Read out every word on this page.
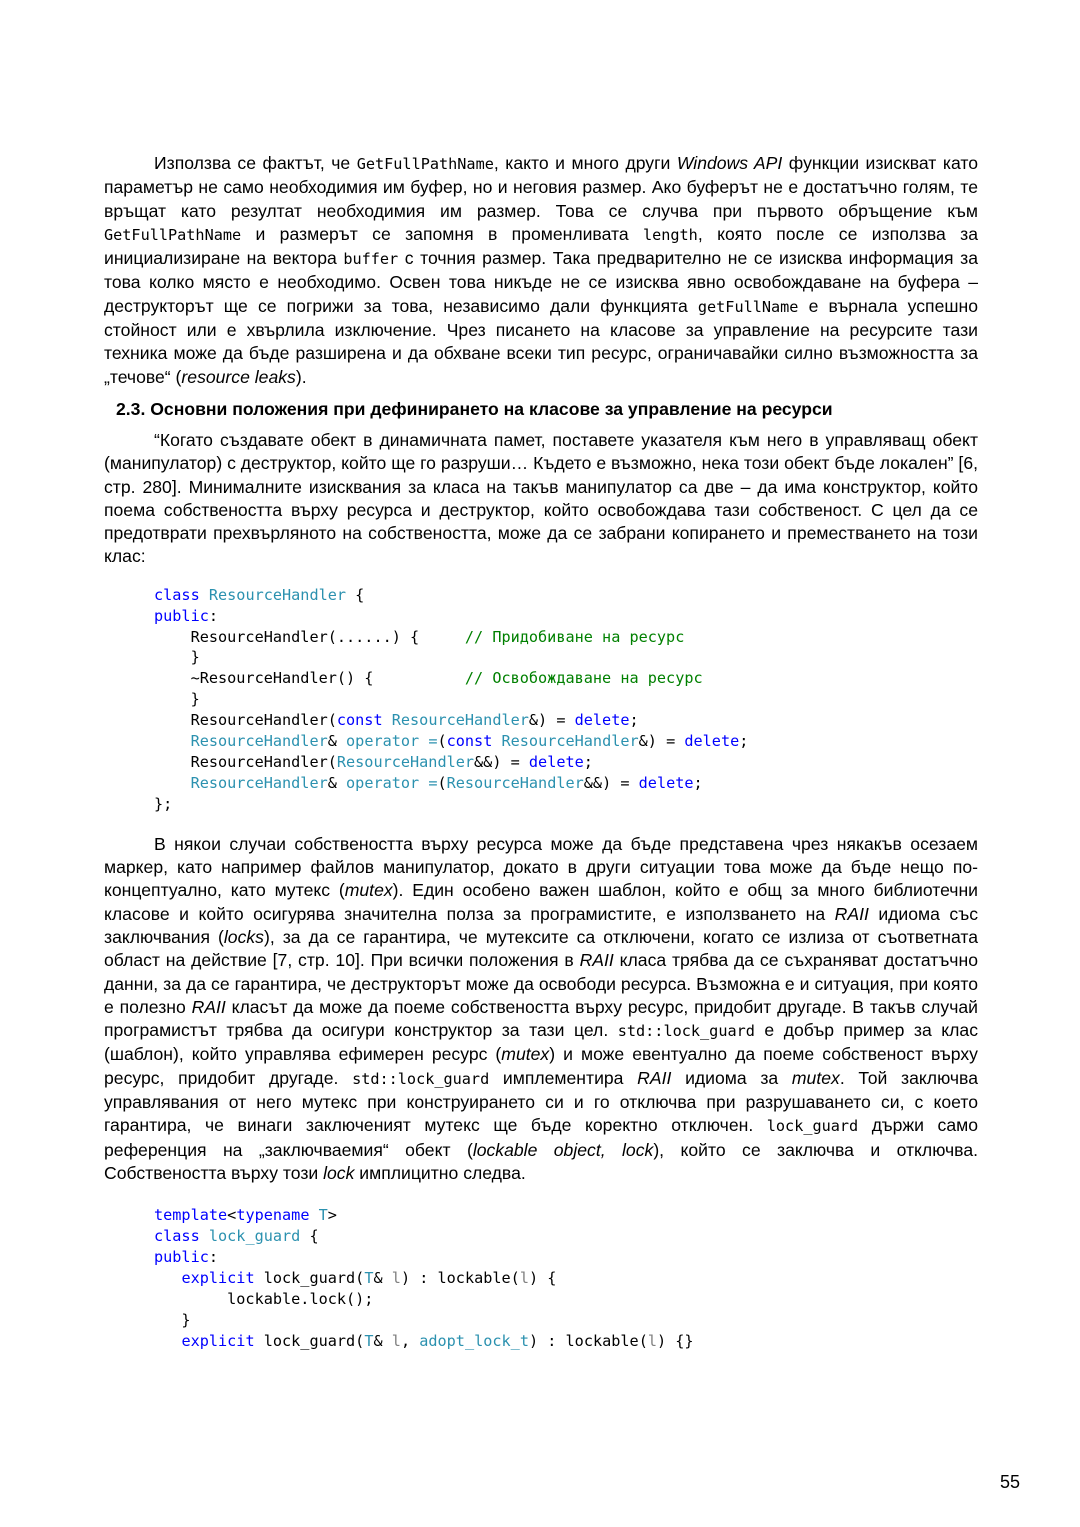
Използва се фактът, че GetFullPathName, както и много други Windows API функции изискват като параметър не само необходимия им буфер, но и неговия размер. Ако буферът не е достатъчно голям, те връщат като резултат необходимия им размер. Това се случва при първото обръщение към GetFullPathName и размерът се запомня в променливата length, която после се използва за инициализиране на вектора buffer с точния размер. Така предварително не се изисква информация за това колко място е необходимо. Освен това никъде не се изисква явно освобождаване на буфера – деструкторът ще се погрижи за това, независимо дали функцията getFullName е върнала успешно стойност или е хвърлила изключение. Чрез писането на класове за управление на ресурсите тази техника може да бъде разширена и да обхване всеки тип ресурс, ограничавайки силно възможността за „течове“ (resource leaks).

2.3. Основни положения при дефинирането на класове за управление на ресурси

“Когато създавате обект в динамичната памет, поставете указателя към него в управляващ обект (манипулатор) с деструктор, който ще го разруши… Където е възможно, нека този обект бъде локален” [6, стр. 280]. Минималните изисквания за класа на такъв манипулатор са две – да има конструктор, който поема собствеността върху ресурса и деструктор, който освобождава тази собственост. С цел да се предотврати прехвърляното на собствеността, може да се забрани копирането и преместването на този клас:

class ResourceHandler {
public:
ResourceHandler(......) {     // Придобиване на ресурс
}
~ResourceHandler() {          // Освобождаване на ресурс
}
ResourceHandler(const ResourceHandler&) = delete;
ResourceHandler& operator =(const ResourceHandler&) = delete;
ResourceHandler(ResourceHandler&&) = delete;
ResourceHandler& operator =(ResourceHandler&&) = delete;
};

В някои случаи собствеността върху ресурса може да бъде представена чрез някакъв осезаем маркер, като например файлов манипулатор, докато в други ситуации това може да бъде нещо по-концептуално, като мутекс (mutex). Един особено важен шаблон, който е общ за много библиотечни класове и който осигурява значителна полза за програмистите, е използването на RAII идиома със заключвания (locks), за да се гарантира, че мутексите са отключени, когато се излиза от съответната област на действие [7, стр. 10]. При всички положения в RAII класа трябва да се съхраняват достатъчно данни, за да се гарантира, че деструкторът може да освободи ресурса. Възможна е и ситуация, при която е полезно RAII класът да може да поеме собствеността върху ресурс, придобит другаде. В такъв случай програмистът трябва да осигури конструктор за тази цел. std::lock_guard е добър пример за клас (шаблон), който управлява ефимерен ресурс (mutex) и може евентуално да поеме собственост върху ресурс, придобит другаде. std::lock_guard имплементира RAII идиома за mutex. Той заключва управлявания от него мутекс при конструирането си и го отключва при разрушаването си, с което гарантира, че винаги заключеният мутекс ще бъде коректно отключен. lock_guard държи само референция на „заключваемия“ обект (lockable object, lock), който се заключва и отключва. Собствеността върху този lock имплицитно следва.

template<typename T>
class lock_guard {
public:
explicit lock_guard(T& l) : lockable(l) {
lockable.lock();
}
explicit lock_guard(T& l, adopt_lock_t) : lockable(l) {}
55
